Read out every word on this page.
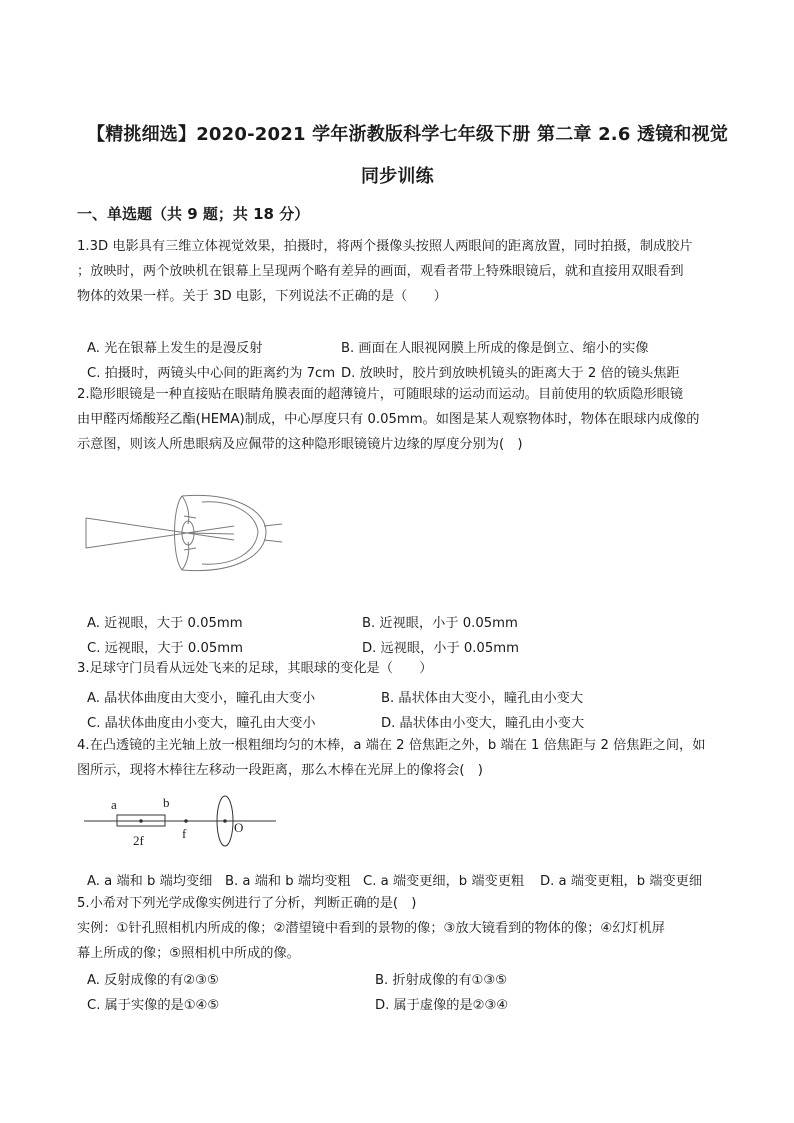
【精挑细选】2020-2021 学年浙教版科学七年级下册 第二章 2.6 透镜和视觉
同步训练
一、单选题（共 9 题；共 18 分）
1.3D 电影具有三维立体视觉效果，拍摄时，将两个摄像头按照人两眼间的距离放置，同时拍摄，制成胶片
；放映时，两个放映机在银幕上呈现两个略有差异的画面，观看者带上特殊眼镜后，就和直接用双眼看到
物体的效果一样。关于 3D 电影，下列说法不正确的是（　　）
A. 光在银幕上发生的是漫反射	B. 画面在人眼视网膜上所成的像是倒立、缩小的实像
C. 拍摄时，两镜头中心间的距离约为 7cm D. 放映时，胶片到放映机镜头的距离大于 2 倍的镜头焦距
2.隐形眼镜是一种直接贴在眼睛角膜表面的超薄镜片，可随眼球的运动而运动。目前使用的软质隐形眼镜
由甲醛丙烯酸羟乙酯(HEMA)制成，中心厚度只有 0.05mm。如图是某人观察物体时，物体在眼球内成像的
示意图，则该人所患眼病及应佩带的这种隐形眼镜镜片边缘的厚度分别为(　)
A. 近视眼，大于 0.05mm	B. 近视眼，小于 0.05mm
C. 远视眼，大于 0.05mm	D. 远视眼，小于 0.05mm
3.足球守门员看从远处飞来的足球，其眼球的变化是（　　）
A. 晶状体曲度由大变小，瞳孔由大变小	B. 晶状体由大变小，瞳孔由小变大
C. 晶状体曲度由小变大，瞳孔由大变小	D. 晶状体由小变大，瞳孔由小变大
4.在凸透镜的主光轴上放一根粗细均匀的木棒，a 端在 2 倍焦距之外，b 端在 1 倍焦距与 2 倍焦距之间，如
图所示，现将木棒往左移动一段距离，那么木棒在光屏上的像将会(　)
a	b
2f	f	O
A. a 端和 b 端均变细 B. a 端和 b 端均变粗 C. a 端变更细，b 端变更粗 D. a 端变更粗，b 端变更细
5.小希对下列光学成像实例进行了分析，判断正确的是(　)
实例：①针孔照相机内所成的像；②潜望镜中看到的景物的像；③放大镜看到的物体的像；④幻灯机屏
幕上所成的像；⑤照相机中所成的像。
A. 反射成像的有②③⑤	B. 折射成像的有①③⑤
C. 属于实像的是①④⑤	D. 属于虚像的是②③④
